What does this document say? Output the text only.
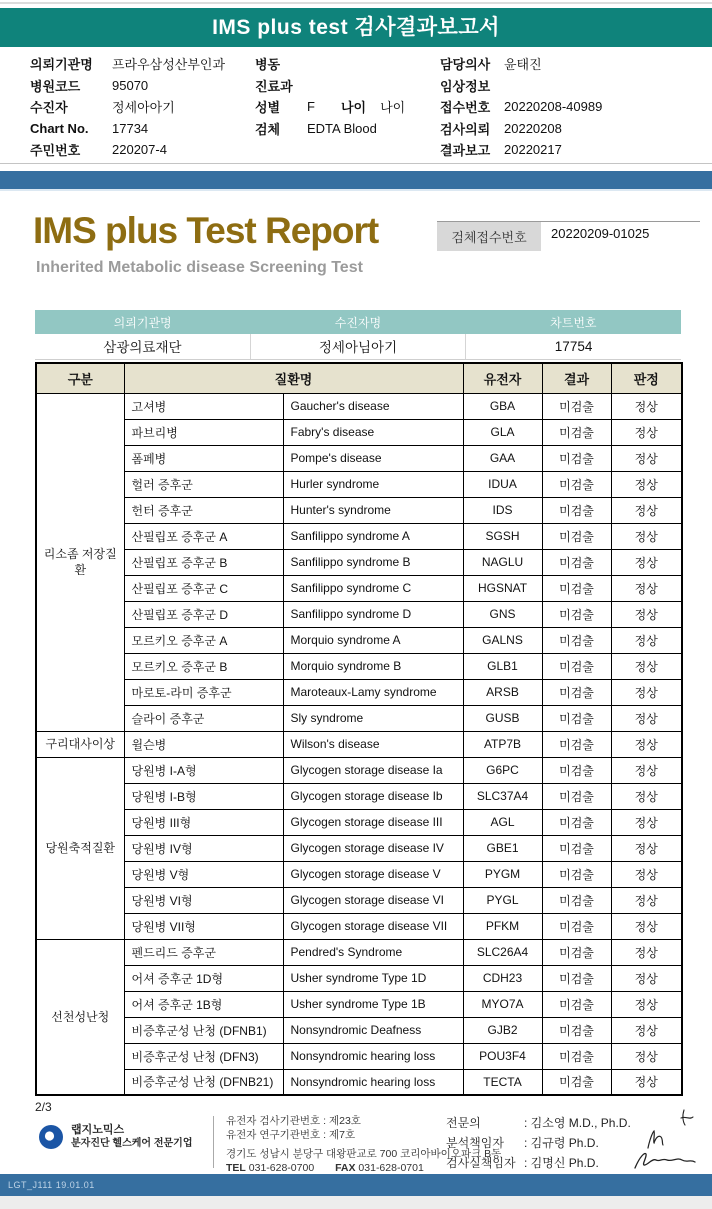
IMS plus test 검사결과보고서
의뢰기관명	프라우삼성산부인과
병원코드	95070
수진자	정세아아기
Chart No.	17734
주민번호	220207-4
병동
진료과
성별	F 나이 나이
검체	EDTA Blood
담당의사	윤태진
임상정보
접수번호	20220208-40989
검사의뢰	20220208
결과보고	20220217
IMS plus Test Report
Inherited Metabolic disease Screening Test
검체접수번호	20220209-01025
의뢰기관명	수진자명	차트번호
삼광의료재단	정세아님아기	17754
구분	질환명		유전자	결과	판정
리소좀 저장질환	고셔병	Gaucher's disease	GBA	미검출	정상
	파브리병	Fabry's disease	GLA	미검출	정상
	폼페병	Pompe's disease	GAA	미검출	정상
	헐러 증후군	Hurler syndrome	IDUA	미검출	정상
	헌터 증후군	Hunter's syndrome	IDS	미검출	정상
	산필립포 증후군 A	Sanfilippo syndrome A	SGSH	미검출	정상
	산필립포 증후군 B	Sanfilippo syndrome B	NAGLU	미검출	정상
	산필립포 증후군 C	Sanfilippo syndrome C	HGSNAT	미검출	정상
	산필립포 증후군 D	Sanfilippo syndrome D	GNS	미검출	정상
	모르키오 증후군 A	Morquio syndrome A	GALNS	미검출	정상
	모르키오 증후군 B	Morquio syndrome B	GLB1	미검출	정상
	마로토-라미 증후군	Maroteaux-Lamy syndrome	ARSB	미검출	정상
	슬라이 증후군	Sly syndrome	GUSB	미검출	정상
구리대사이상	윌슨병	Wilson's disease	ATP7B	미검출	정상
당원축적질환	당원병 I-A형	Glycogen storage disease Ia	G6PC	미검출	정상
	당원병 I-B형	Glycogen storage disease Ib	SLC37A4	미검출	정상
	당원병 III형	Glycogen storage disease III	AGL	미검출	정상
	당원병 IV형	Glycogen storage disease IV	GBE1	미검출	정상
	당원병 V형	Glycogen storage disease V	PYGM	미검출	정상
	당원병 VI형	Glycogen storage disease VI	PYGL	미검출	정상
	당원병 VII형	Glycogen storage disease VII	PFKM	미검출	정상
선천성난청	펜드리드 증후군	Pendred's Syndrome	SLC26A4	미검출	정상
	어셔 증후군 1D형	Usher syndrome Type 1D	CDH23	미검출	정상
	어셔 증후군 1B형	Usher syndrome Type 1B	MYO7A	미검출	정상
	비증후군성 난청 (DFNB1)	Nonsyndromic Deafness	GJB2	미검출	정상
	비증후군성 난청 (DFN3)	Nonsyndromic hearing loss	POU3F4	미검출	정상
	비증후군성 난청 (DFNB21)	Nonsyndromic hearing loss	TECTA	미검출	정상
2/3
랩지노믹스
분자진단 헬스케어 전문기업
유전자 검사기관번호 : 제23호
유전자 연구기관번호 : 제7호
경기도 성남시 분당구 대왕판교로 700 코리아바이오파크 B동
TEL 031-628-0700 FAX 031-628-0701
전문의	: 김소영 M.D., Ph.D.
분석책임자	: 김규령 Ph.D.
검사실책임자 : 김명신 Ph.D.
LGT_J111 19.01.01
